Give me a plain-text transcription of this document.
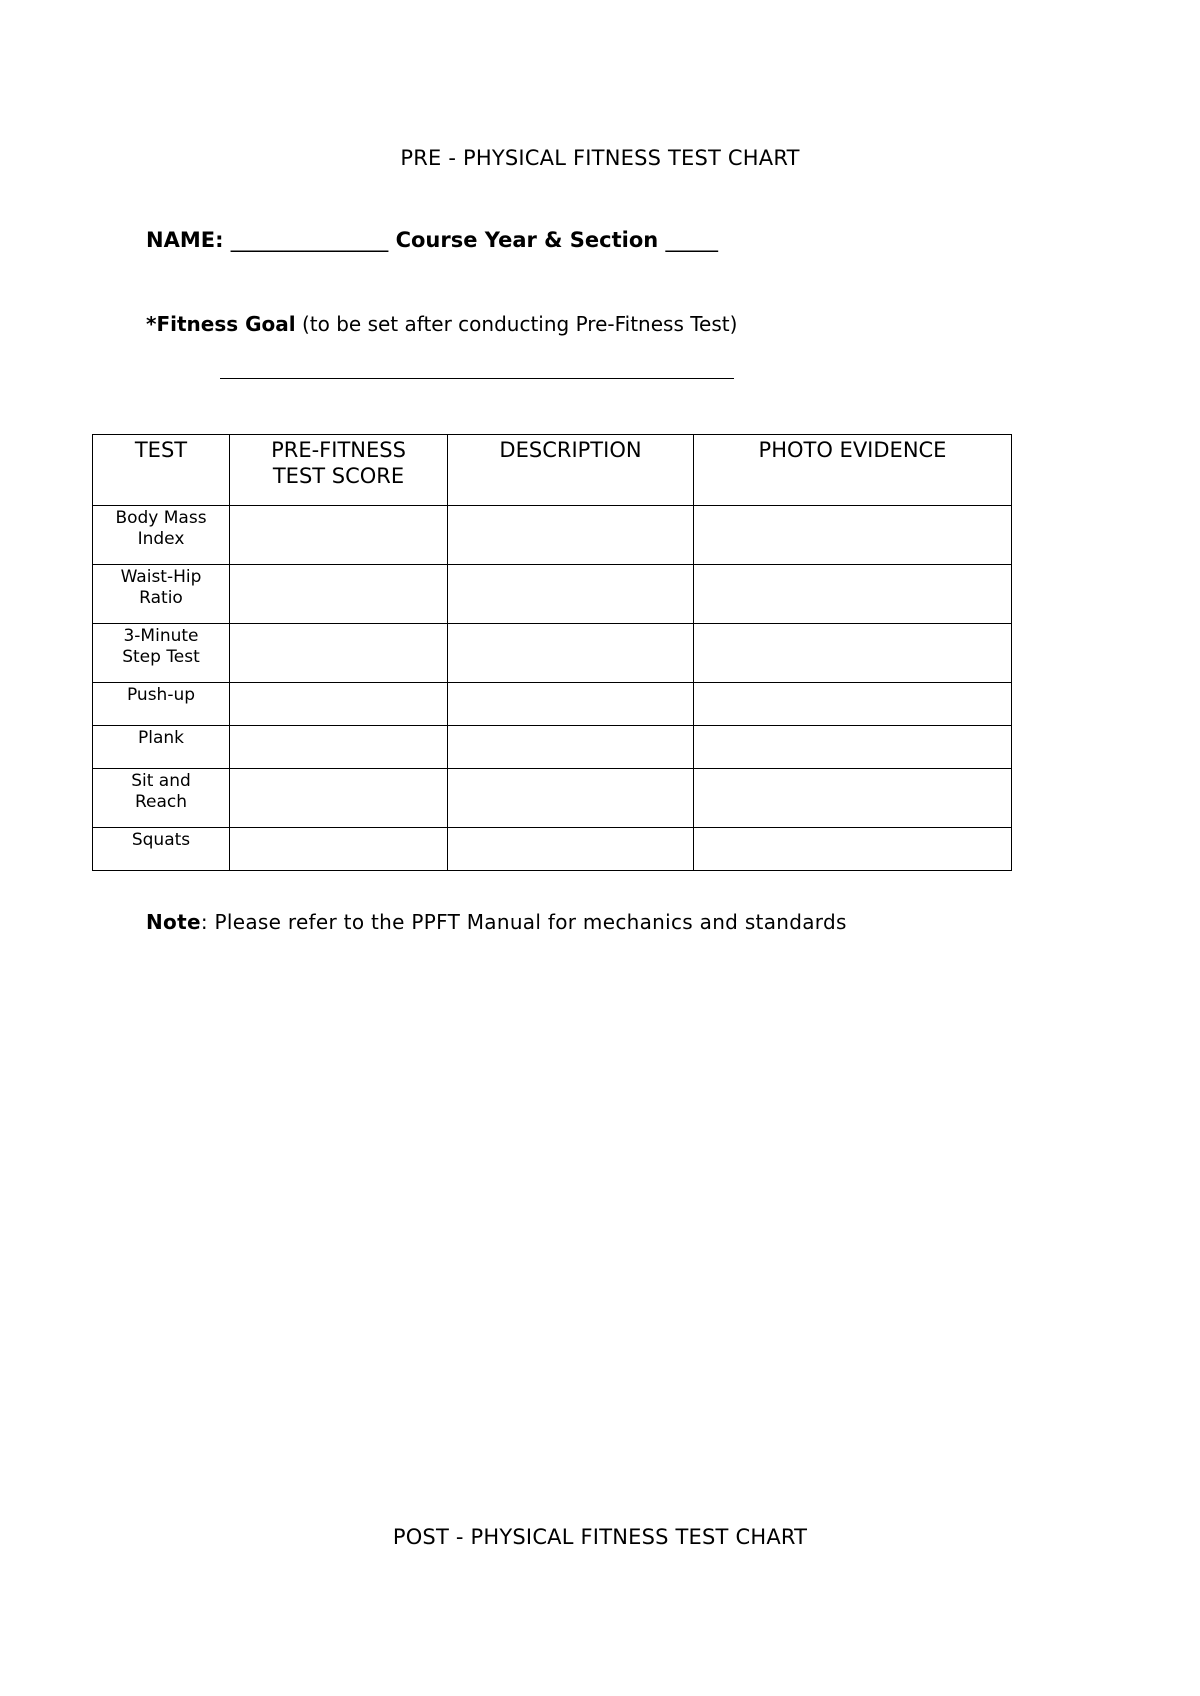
PRE - PHYSICAL FITNESS TEST CHART
NAME: _______________ Course Year & Section _____
*Fitness Goal (to be set after conducting Pre-Fitness Test)
TEST	PRE-FITNESS TEST SCORE	DESCRIPTION	PHOTO EVIDENCE
Body Mass Index			
Waist-Hip Ratio			
3-Minute Step Test			
Push-up			
Plank			
Sit and Reach			
Squats			
Note: Please refer to the PPFT Manual for mechanics and standards
POST - PHYSICAL FITNESS TEST CHART
